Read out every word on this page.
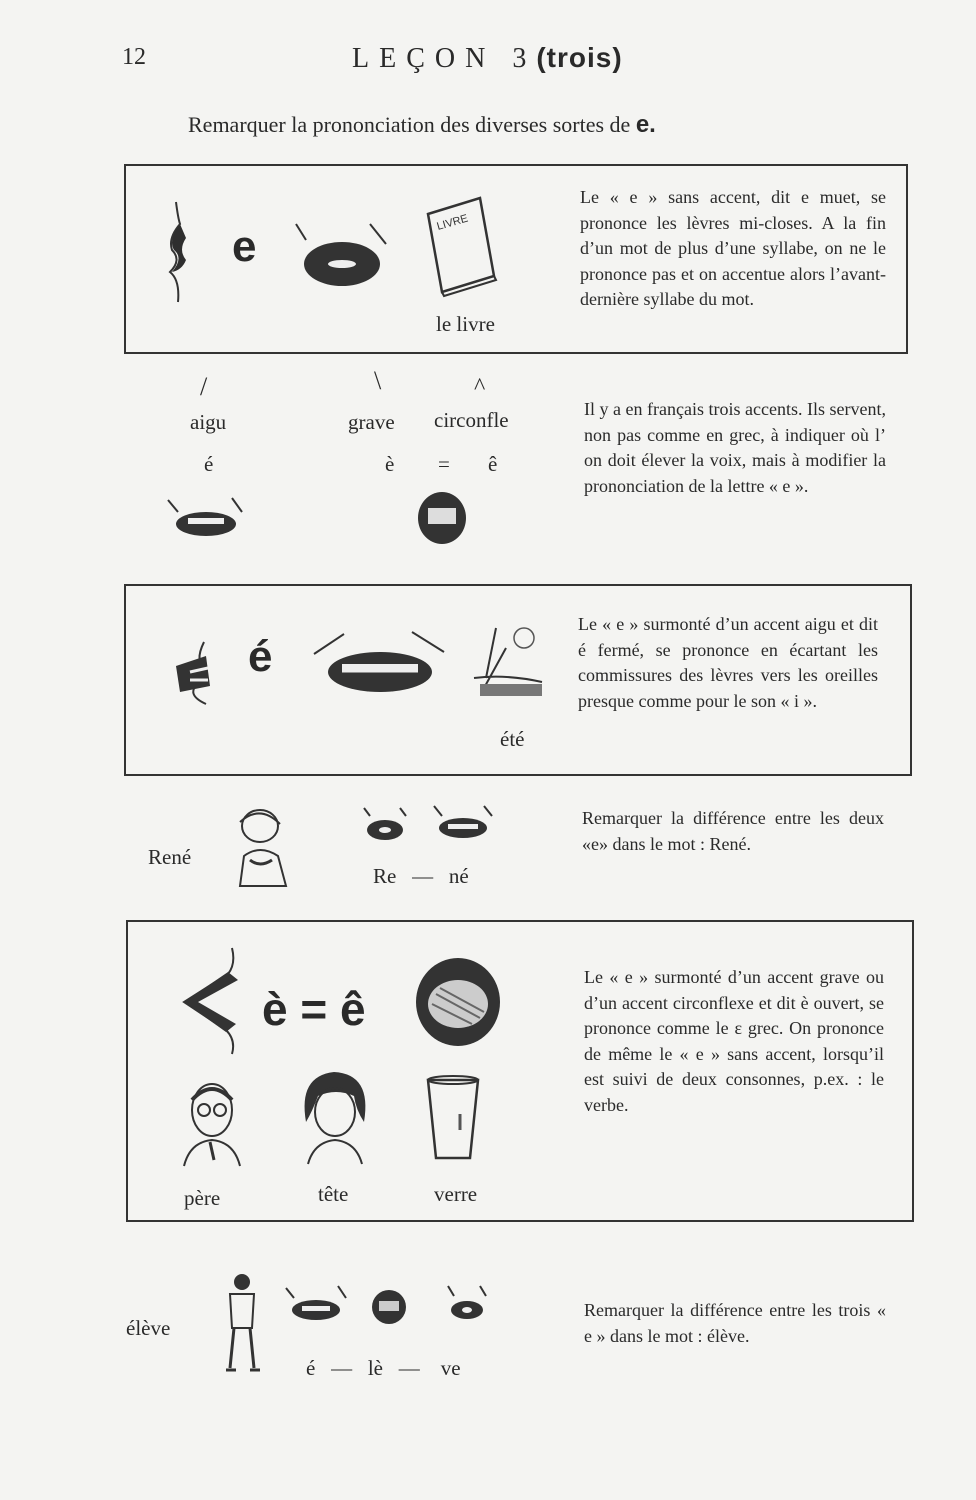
12	LEÇON 3(trois)
Remarquer la prononciation des diverses sortes de e.
e	LIVRE
le livre
Le « e » sans accent, dit e muet, se prononce les lèvres mi-closes. A la fin d’un mot de plus d’une syllabe, on ne le prononce pas et on accentue alors l’avant-dernière syllabe du mot.
/	\	^
aigu	grave circonfle
é	è = ê
Il y a en français trois accents. Ils servent, non pas comme en grec, à indiquer où l’ on doit élever la voix, mais à modifier la prononciation de la lettre « e ».
é
été
Le « e » surmonté d’un accent aigu et dit é fermé, se prononce en écartant les commissures des lèvres vers les oreilles presque comme pour le son « i ».
René
Re — né
Remarquer la différence entre les deux «e» dans le mot : René.
è = ê
père	tête	verre
Le « e » surmonté d’un accent grave ou d’un accent circonflexe et dit è ouvert, se prononce comme le ε grec. On prononce de même le « e » sans accent, lorsqu’il est suivi de deux consonnes, p.ex. : le verbe.
élève
é — lè — ve
Remarquer la différence entre les trois « e » dans le mot : élève.
